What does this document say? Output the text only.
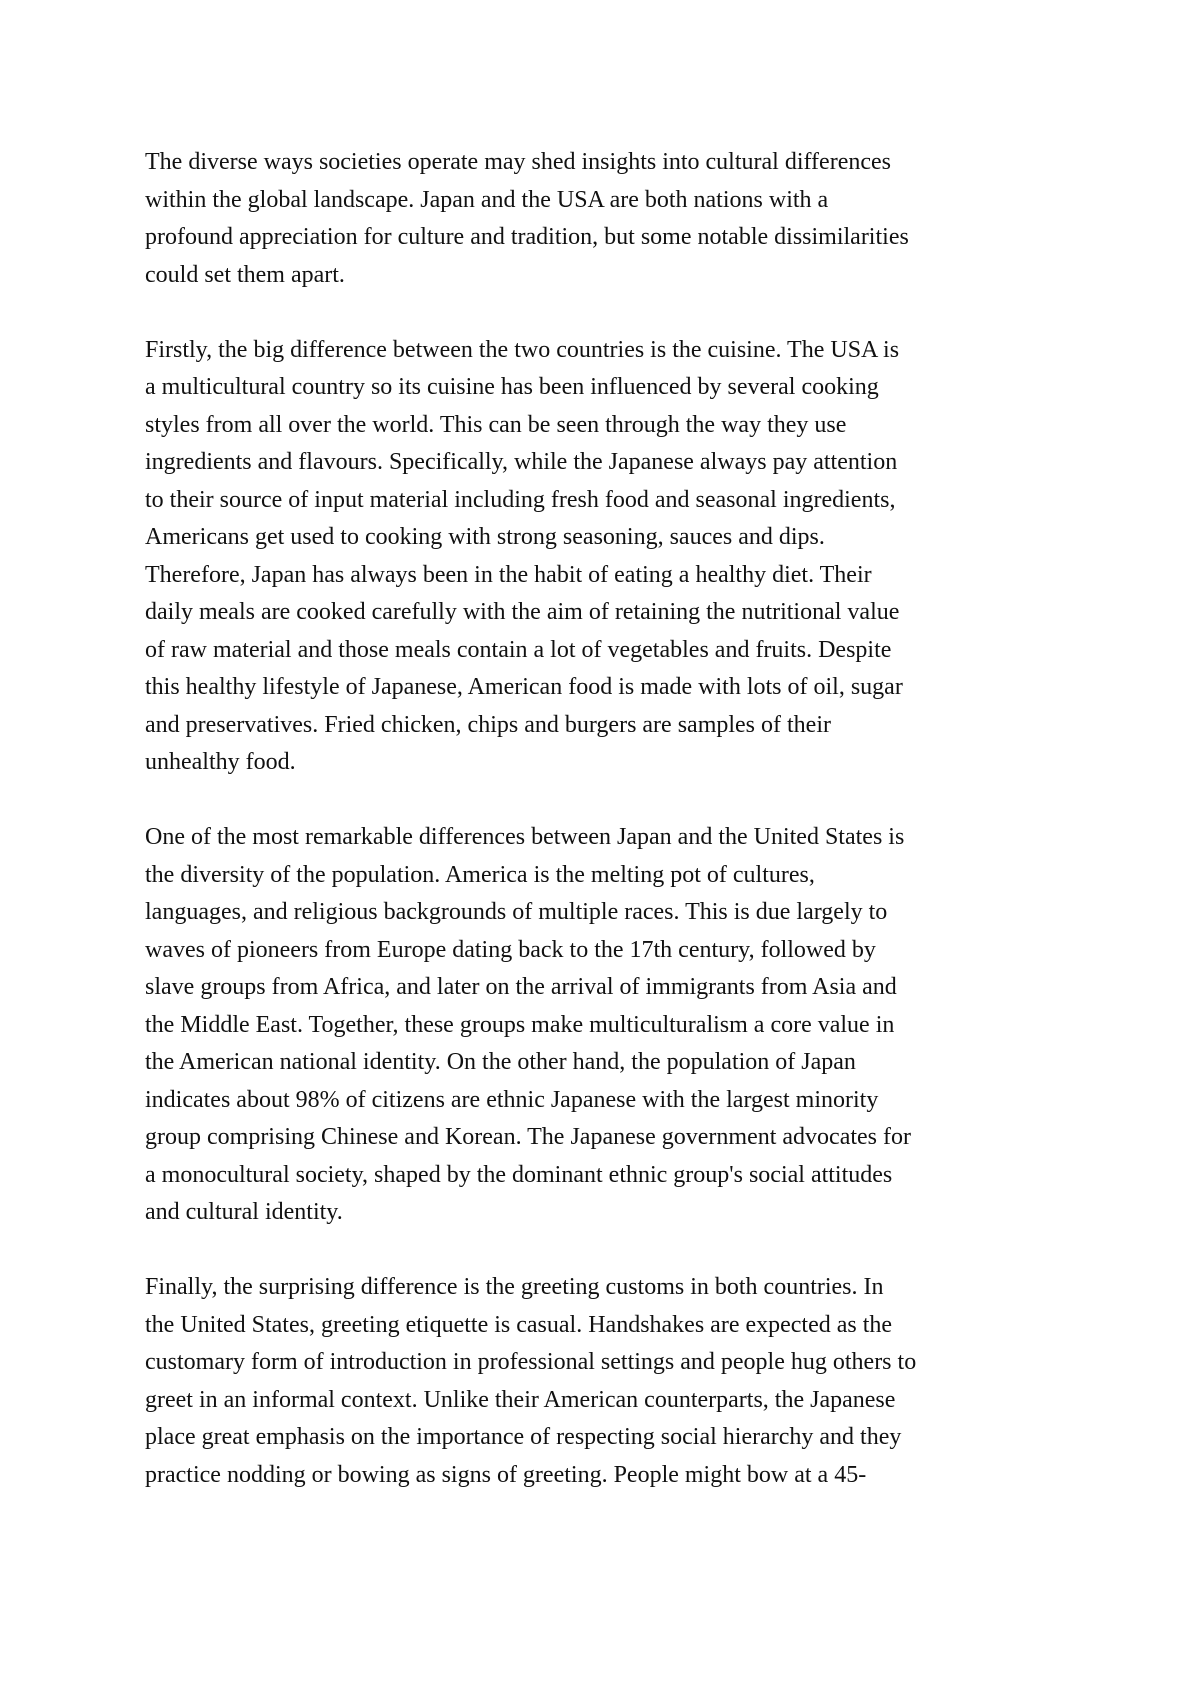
The diverse ways societies operate may shed insights into cultural differences
within the global landscape. Japan and the USA are both nations with a
profound appreciation for culture and tradition, but some notable dissimilarities
could set them apart.

Firstly, the big difference between the two countries is the cuisine. The USA is
a multicultural country so its cuisine has been influenced by several cooking
styles from all over the world. This can be seen through the way they use
ingredients and flavours. Specifically, while the Japanese always pay attention
to their source of input material including fresh food and seasonal ingredients,
Americans get used to cooking with strong seasoning, sauces and dips.
Therefore, Japan has always been in the habit of eating a healthy diet. Their
daily meals are cooked carefully with the aim of retaining the nutritional value
of raw material and those meals contain a lot of vegetables and fruits. Despite
this healthy lifestyle of Japanese, American food is made with lots of oil, sugar
and preservatives. Fried chicken, chips and burgers are samples of their
unhealthy food.

One of the most remarkable differences between Japan and the United States is
the diversity of the population. America is the melting pot of cultures,
languages, and religious backgrounds of multiple races. This is due largely to
waves of pioneers from Europe dating back to the 17th century, followed by
slave groups from Africa, and later on the arrival of immigrants from Asia and
the Middle East. Together, these groups make multiculturalism a core value in
the American national identity. On the other hand, the population of Japan
indicates about 98% of citizens are ethnic Japanese with the largest minority
group comprising Chinese and Korean. The Japanese government advocates for
a monocultural society, shaped by the dominant ethnic group's social attitudes
and cultural identity.

Finally, the surprising difference is the greeting customs in both countries. In
the United States, greeting etiquette is casual. Handshakes are expected as the
customary form of introduction in professional settings and people hug others to
greet in an informal context. Unlike their American counterparts, the Japanese
place great emphasis on the importance of respecting social hierarchy and they
practice nodding or bowing as signs of greeting. People might bow at a 45-
